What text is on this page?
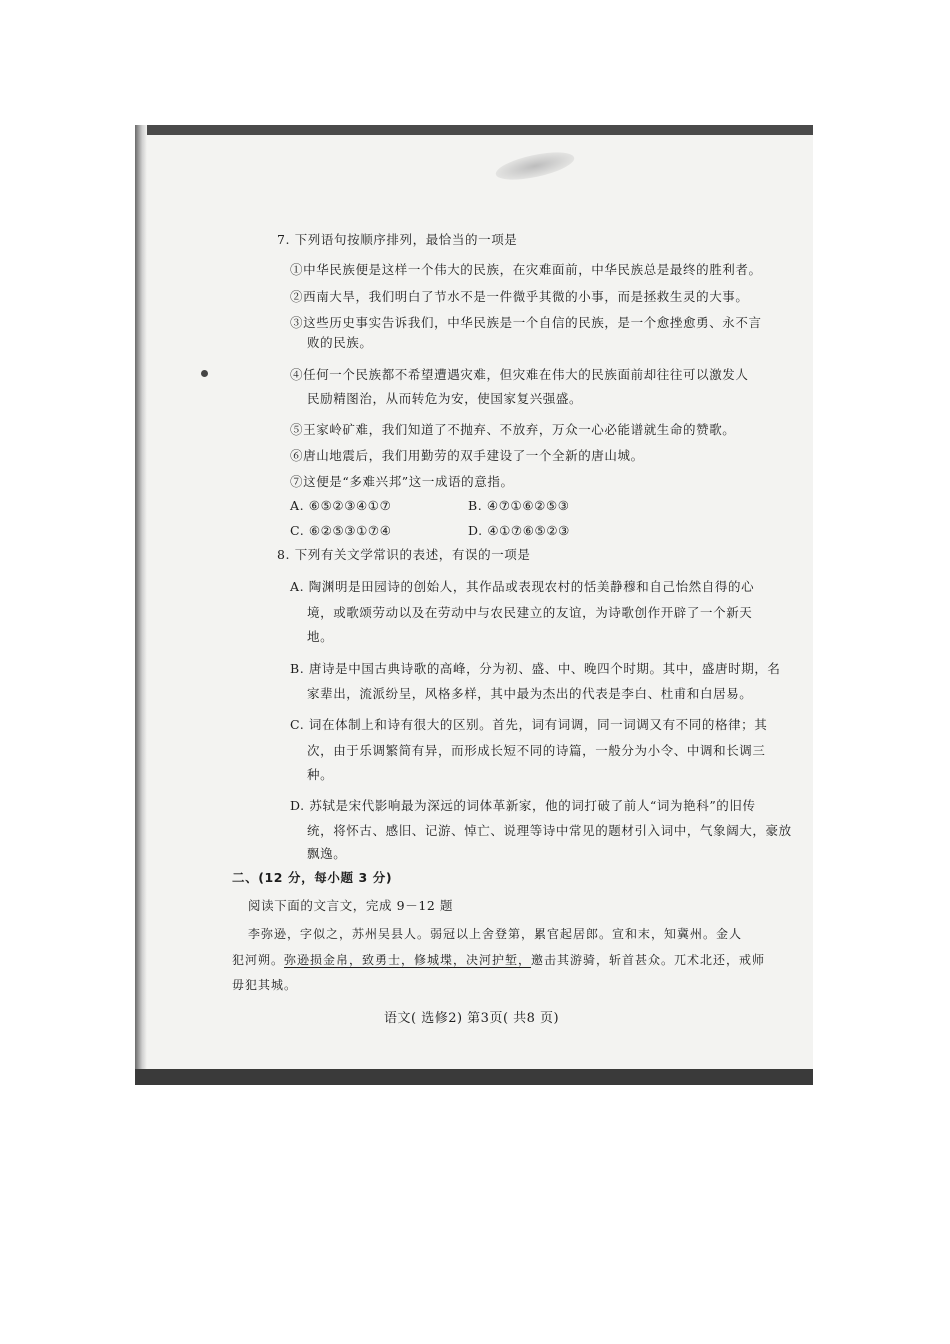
7. 下列语句按顺序排列，最恰当的一项是
①中华民族便是这样一个伟大的民族，在灾难面前，中华民族总是最终的胜利者。
②西南大旱，我们明白了节水不是一件微乎其微的小事，而是拯救生灵的大事。
③这些历史事实告诉我们，中华民族是一个自信的民族，是一个愈挫愈勇、永不言
败的民族。
④任何一个民族都不希望遭遇灾难，但灾难在伟大的民族面前却往往可以激发人
民励精图治，从而转危为安，使国家复兴强盛。
⑤王家岭矿难，我们知道了不抛弃、不放弃，万众一心必能谱就生命的赞歌。
⑥唐山地震后，我们用勤劳的双手建设了一个全新的唐山城。
⑦这便是“多难兴邦”这一成语的意指。
A. ⑥⑤②③④①⑦	B. ④⑦①⑥②⑤③
C. ⑥②⑤③①⑦④	D. ④①⑦⑥⑤②③
8. 下列有关文学常识的表述，有误的一项是
A. 陶渊明是田园诗的创始人，其作品或表现农村的恬美静穆和自己怡然自得的心
境，或歌颂劳动以及在劳动中与农民建立的友谊，为诗歌创作开辟了一个新天
地。
B. 唐诗是中国古典诗歌的高峰，分为初、盛、中、晚四个时期。其中，盛唐时期，名
家辈出，流派纷呈，风格多样，其中最为杰出的代表是李白、杜甫和白居易。
C. 词在体制上和诗有很大的区别。首先，词有词调，同一词调又有不同的格律；其
次，由于乐调繁简有异，而形成长短不同的诗篇，一般分为小令、中调和长调三
种。
D. 苏轼是宋代影响最为深远的词体革新家，他的词打破了前人“词为艳科”的旧传
统，将怀古、感旧、记游、悼亡、说理等诗中常见的题材引入词中，气象阔大，豪放
飘逸。
二、(12 分，每小题 3 分)
阅读下面的文言文，完成 9－12 题
李弥逊，字似之，苏州吴县人。弱冠以上舍登第，累官起居郎。宣和末，知冀州。金人
犯河朔。弥逊损金帛，致勇士，修城堞，决河护堑，邀击其游骑，斩首甚众。兀术北还，戒师
毋犯其城。
语文( 选修2) 第3页( 共8 页)
